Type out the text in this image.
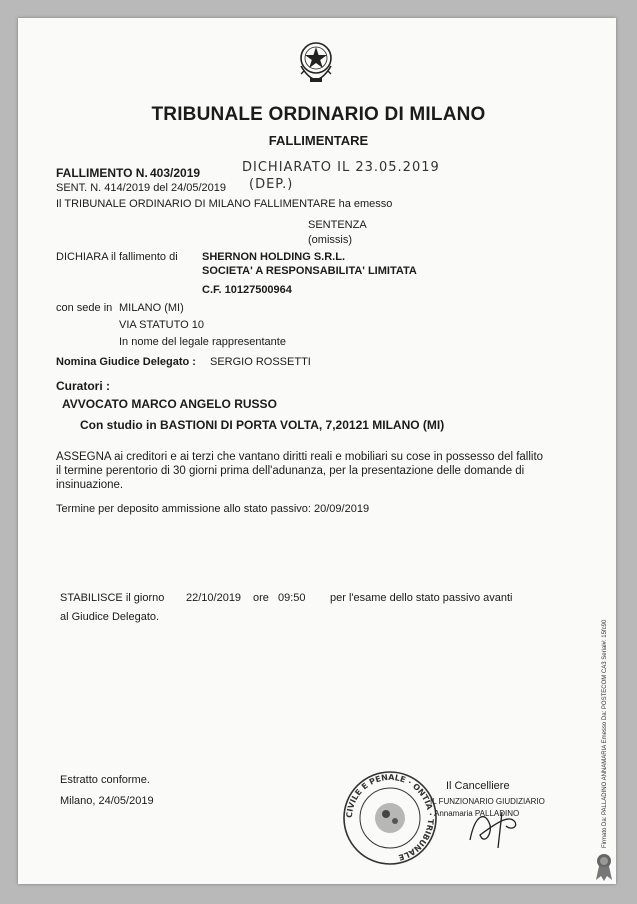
TRIBUNALE ORDINARIO DI MILANO
FALLIMENTARE
FALLIMENTO N. 403/2019	DICHIARATO IL 23.05.2019
SENT. N. 414/2019 del 24/05/2019 (DEP.)
Il TRIBUNALE ORDINARIO DI MILANO FALLIMENTARE ha emesso
SENTENZA
(omissis)
DICHIARA il fallimento di SHERNON HOLDING S.R.L.
SOCIETA' A RESPONSABILITA' LIMITATA
C.F. 10127500964
con sede in MILANO (MI)
VIA STATUTO 10
In nome del legale rappresentante
Nomina Giudice Delegato : SERGIO ROSSETTI
Curatori :
AVVOCATO MARCO ANGELO RUSSO
Con studio in BASTIONI DI PORTA VOLTA, 7,20121 MILANO (MI)
ASSEGNA ai creditori e ai terzi che vantano diritti reali e mobiliari su cose in possesso del fallito
il termine perentorio di 30 giorni prima dell'adunanza, per la presentazione delle domande di
insinuazione.
Termine per deposito ammissione allo stato passivo: 20/09/2019
STABILISCE il giorno 22/10/2019 ore 09:50 per l'esame dello stato passivo avanti
al Giudice Delegato.
Estratto conforme.
Milano, 24/05/2019
CIVILE E PENALE · ONTIA · TRIBUNALE
Il Cancelliere
IL FUNZIONARIO GIUDIZIARIO
Annamaria PALLADINO	Firmato Da: PALLADINO ANNAMARIA Emesso Da: POSTECOM CA3 Serial#: 15fc90
